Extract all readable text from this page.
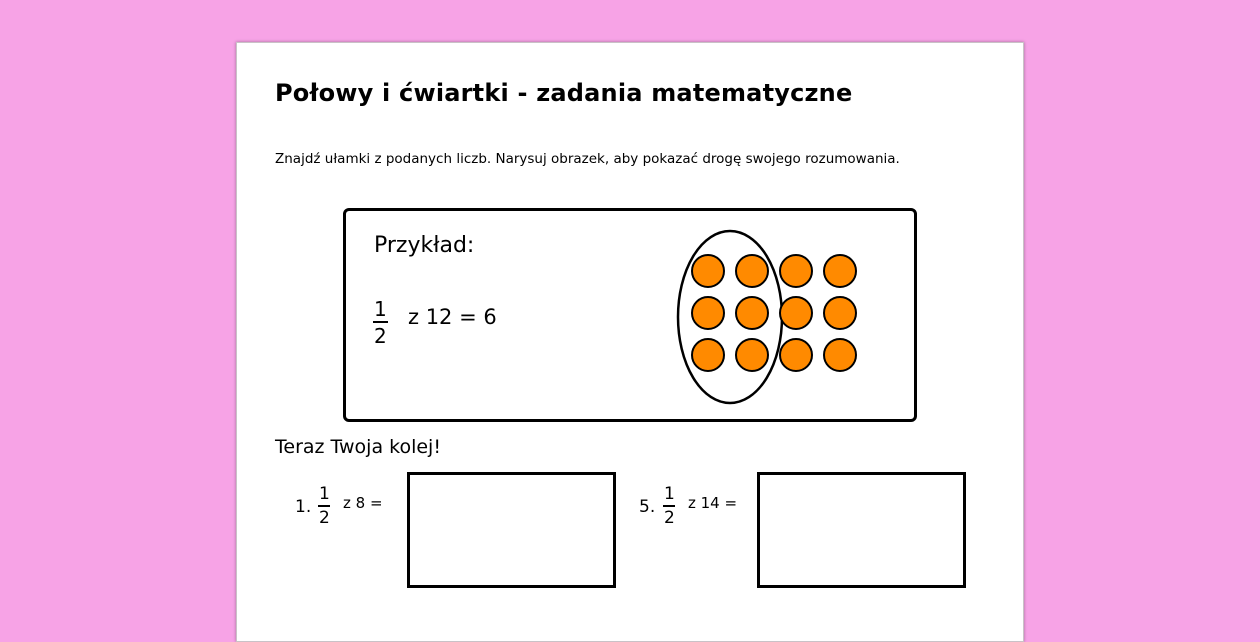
Połowy i ćwiartki - zadania matematyczne
Znajdź ułamki z podanych liczb. Narysuj obrazek, aby pokazać drogę swojego rozumowania.
Przykład:
1
2
z 12 = 6
Teraz Twoja kolej!
1.
1
2
z 8 =	5.
1
2
z 14 =
